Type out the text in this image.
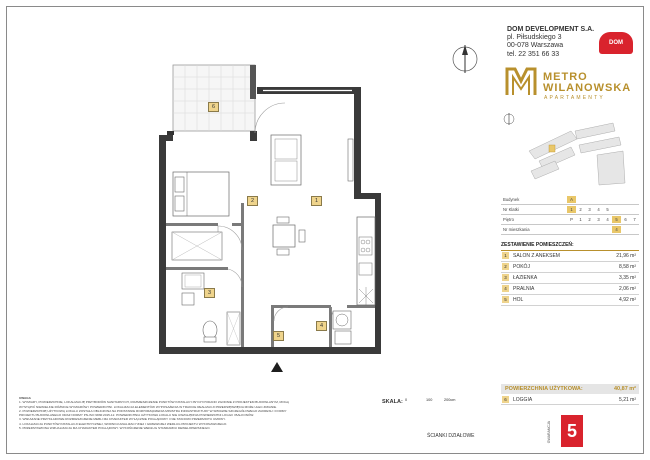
1
2
3
4
5
6
DOM DEVELOPMENT S.A.
pl. Piłsudskiego 3
00-078 Warszawa
tel. 22 351 66 33
DOM
METRO
WILANOWSKA
APARTAMENTY
Budynek	A
Nr Klatki	1	2	3	4	5
Piętro	P	1	2	3	4	5	6	7
Nr mieszkania	4
ZESTAWIENIE POMIESZCZEŃ:
1	SALON Z ANEKSEM	21,96 m²
2	POKÓJ	8,58 m²
3	ŁAZIENKA	3,35 m²
4	PRALNIA	2,06 m²
5	HOL	4,92 m²
POWIERZCHNIA UŻYTKOWA:	40,87 m²
6	LOGGIA	5,21 m²
UWAGA
1. WYMIARY, POWIERZCHNIE, LOKALIZACJĘ PRZYBORÓW SANITARNYCH, ROZMIESZCZENIE PUNKTÓW INSTALACYJNYCH PODANO ZGODNIE Z PROJEKTEM BUDOWLANYM, MOGĄ
WYSTĄPIĆ NIEWIELKIE RÓŻNICE WYMIARÓW I POWIERZCHNI. LOKALIZACJA ELEMENTÓW WYPOSAŻENIA W TRAKCIE REALIZACJI PRZEDSIĘWZIĘCIA MOŻE ULEC ZMIANIE.
2. POWIERZCHNIĘ UŻYTKOWĄ LOKALU ZOSTAŁA OBLICZONA NA PODSTAWIE ROZPORZĄDZENIA MINISTRA INFRASTRUKTURY W SPRAWIE SZCZEGÓŁOWEGO ZAKRESU I FORMY
PROJEKTU BUDOWLANEGO ORAZ NORMY PN-ISO 9836:2015-12. POWIERZCHNIA UŻYTKOWA LOKALU NIE UWZGLĘDNIA POWIERZCHNI LOGGII I BALKONÓW.
3. WSKAZANE PRZYKŁADOWE ROZMIESZCZENIE MEBLI MA CHARAKTER WYŁĄCZNIE POGLĄDOWY I NIE STANOWI PRZEDMIOTU UMOWY.
4. LOKALIZACJA PUNKTÓW INSTALACJI ELEKTRYCZNEJ, WODNO-KANALIZACYJNEJ I GRZEWCZEJ WEDŁUG PROJEKTU WYKONAWCZEGO.
5. PRZEDSTAWIONA WIZUALIZACJA MA CHARAKTER POGLĄDOWY. WYKOŃCZENIE WEDŁUG STANDARDU DEWELOPERSKIEGO.
SKALA: 0	100	200cm
ŚCIANKI DZIAŁOWE	5
GWARANCJA
